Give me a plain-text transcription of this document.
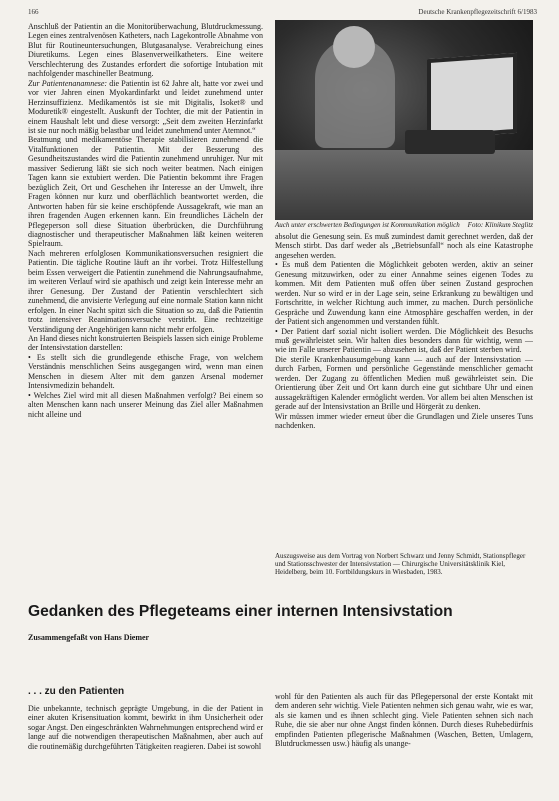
166	Deutsche Krankenpflegezeitschrift 6/1983

Anschluß der Patientin an die Monitorüberwachung, Blutdruckmessung. Legen eines zentralvenösen Katheters, nach Lagekontrolle Abnahme von Blut für Routineuntersuchungen, Blutgasanalyse. Verabreichung eines Diuretikums. Legen eines Blasenverweilkatheters. Eine weitere Verschlechterung des Zustandes erfordert die sofortige Intubation mit nachfolgender maschineller Beatmung.

Zur Patientenanamnese: die Patientin ist 62 Jahre alt, hatte vor zwei und vor vier Jahren einen Myokardinfarkt und leidet zunehmend unter Herzinsuffizienz. Medikamentös ist sie mit Digitalis, Isoket® und Moduretik® eingestellt. Auskunft der Tochter, die mit der Patientin in einem Haushalt lebt und diese versorgt: „Seit dem zweiten Herzinfarkt ist sie nur noch mäßig belastbar und leidet zunehmend unter Atemnot.“

Beatmung und medikamentöse Therapie stabilisieren zunehmend die Vitalfunktionen der Patientin. Mit der Besserung des Gesundheitszustandes wird die Patientin zunehmend unruhiger. Nur mit massiver Sedierung läßt sie sich noch weiter beatmen. Nach einigen Tagen kann sie extubiert werden. Die Patientin bekommt ihre Fragen bezüglich Zeit, Ort und Geschehen ihr Interesse an der Umwelt, ihre Fragen können nur kurz und oberflächlich beantwortet werden, die Antworten haben für sie keine erschöpfende Aussagekraft, wie man an ihren fragenden Augen erkennen kann. Ein freundliches Lächeln der Pflegeperson soll diese Situation überbrücken, die Durchführung diagnostischer und therapeutischer Maßnahmen läßt keinen weiteren Spielraum.

Nach mehreren erfolglosen Kommunikationsversuchen resigniert die Patientin. Die tägliche Routine läuft an ihr vorbei. Trotz Hilfestellung beim Essen verweigert die Patientin zunehmend die Nahrungsaufnahme, im weiteren Verlauf wird sie apathisch und zeigt kein Interesse mehr an ihrer Genesung. Der Zustand der Patientin verschlechtert sich zunehmend, die anvisierte Verlegung auf eine normale Station kann nicht erfolgen. In einer Nacht spitzt sich die Situation so zu, daß die Patientin trotz intensiver Reanimationsversuche verstirbt. Eine rechtzeitige Verständigung der Angehörigen kann nicht mehr erfolgen.

An Hand dieses nicht konstruierten Beispiels lassen sich einige Probleme der Intensivstation darstellen:

• Es stellt sich die grundlegende ethische Frage, von welchem Verständnis menschlichen Seins ausgegangen wird, wenn man einen Menschen in diesem Alter mit dem ganzen Arsenal moderner Intensivmedizin behandelt.

• Welches Ziel wird mit all diesen Maßnahmen verfolgt? Bei einem so alten Menschen kann nach unserer Meinung das Ziel aller Maßnahmen nicht alleine und

Auch unter erschwerten Bedingungen ist Kommunikation möglich	Foto: Klinikum Steglitz

absolut die Genesung sein. Es muß zumindest damit gerechnet werden, daß der Mensch stirbt. Das darf weder als „Betriebsunfall“ noch als eine Katastrophe angesehen werden.

• Es muß dem Patienten die Möglichkeit geboten werden, aktiv an seiner Genesung mitzuwirken, oder zu einer Annahme seines eigenen Todes zu kommen. Mit dem Patienten muß offen über seinen Zustand gesprochen werden. Nur so wird er in der Lage sein, seine Erkrankung zu bewältigen und Fortschritte, in welcher Richtung auch immer, zu machen. Durch persönliche Gespräche und Zuwendung kann eine Atmosphäre geschaffen werden, in der der Patient sich angenommen und verstanden fühlt.

• Der Patient darf sozial nicht isoliert werden. Die Möglichkeit des Besuchs muß gewährleistet sein. Wir halten dies besonders dann für wichtig, wenn — wie im Falle unserer Patientin — abzusehen ist, daß der Patient sterben wird.

Die sterile Krankenhausumgebung kann — auch auf der Intensivstation — durch Farben, Formen und persönliche Gegenstände menschlicher gemacht werden. Der Zugang zu öffentlichen Medien muß gewährleistet sein. Die Orientierung über Zeit und Ort kann durch eine gut sichtbare Uhr und einen aussagekräftigen Kalender ermöglicht werden. Vor allem bei alten Menschen ist gerade auf der Intensivstation an Brille und Hörgerät zu denken.

Wir müssen immer wieder erneut über die Grundlagen und Ziele unseres Tuns nachdenken.

Auszugsweise aus dem Vortrag von Norbert Schwarz und Jenny Schmidt, Stationspfleger und Stationsschwester der Intensivstation — Chirurgische Universitätsklinik Kiel, Heidelberg, beim 10. Fortbildungskurs in Wiesbaden, 1983.
Gedanken des Pflegeteams einer internen Intensivstation
Zusammengefaßt von Hans Diemer
. . . zu den Patienten

Die unbekannte, technisch geprägte Umgebung, in die der Patient in einer akuten Krisensituation kommt, bewirkt in ihm Unsicherheit oder sogar Angst. Den eingeschränkten Wahrnehmungen entsprechend wird er lange auf die notwendigen therapeutischen Maßnahmen, aber auch auf die routinemäßig durchgeführten Tätigkeiten reagieren. Dabei ist sowohl

wohl für den Patienten als auch für das Pflegepersonal der erste Kontakt mit dem anderen sehr wichtig. Viele Patienten nehmen sich genau wahr, wie es war, als sie kamen und es ihnen schlecht ging. Viele Patienten sehnen sich nach Ruhe, die sie aber nur ohne Angst finden können. Durch dieses Ruhebedürfnis empfinden Patienten pflegerische Maßnahmen (Waschen, Betten, Umlagern, Blutdruckmessen usw.) häufig als unange-
